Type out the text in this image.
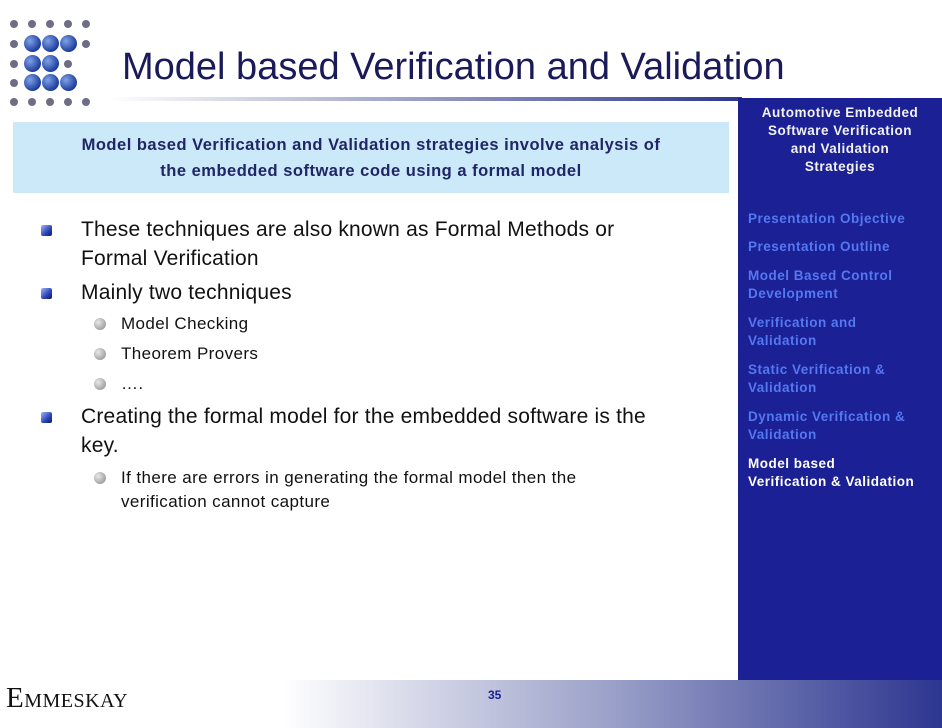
Model based Verification and Validation
Automotive Embedded
Software Verification
and Validation
Strategies
Presentation Objective
Presentation Outline
Model Based Control
Development
Verification and
Validation
Static Verification &
Validation
Dynamic Verification &
Validation
Model based
Verification & Validation
Model based Verification and Validation strategies involve analysis of
the embedded software code using a formal model
These techniques are also known as Formal Methods or
Formal Verification
Mainly two techniques
Model Checking
Theorem Provers
….
Creating the formal model for the embedded software is the
key.
If there are errors in generating the formal model then the
verification cannot capture
EMMESKAY	35
